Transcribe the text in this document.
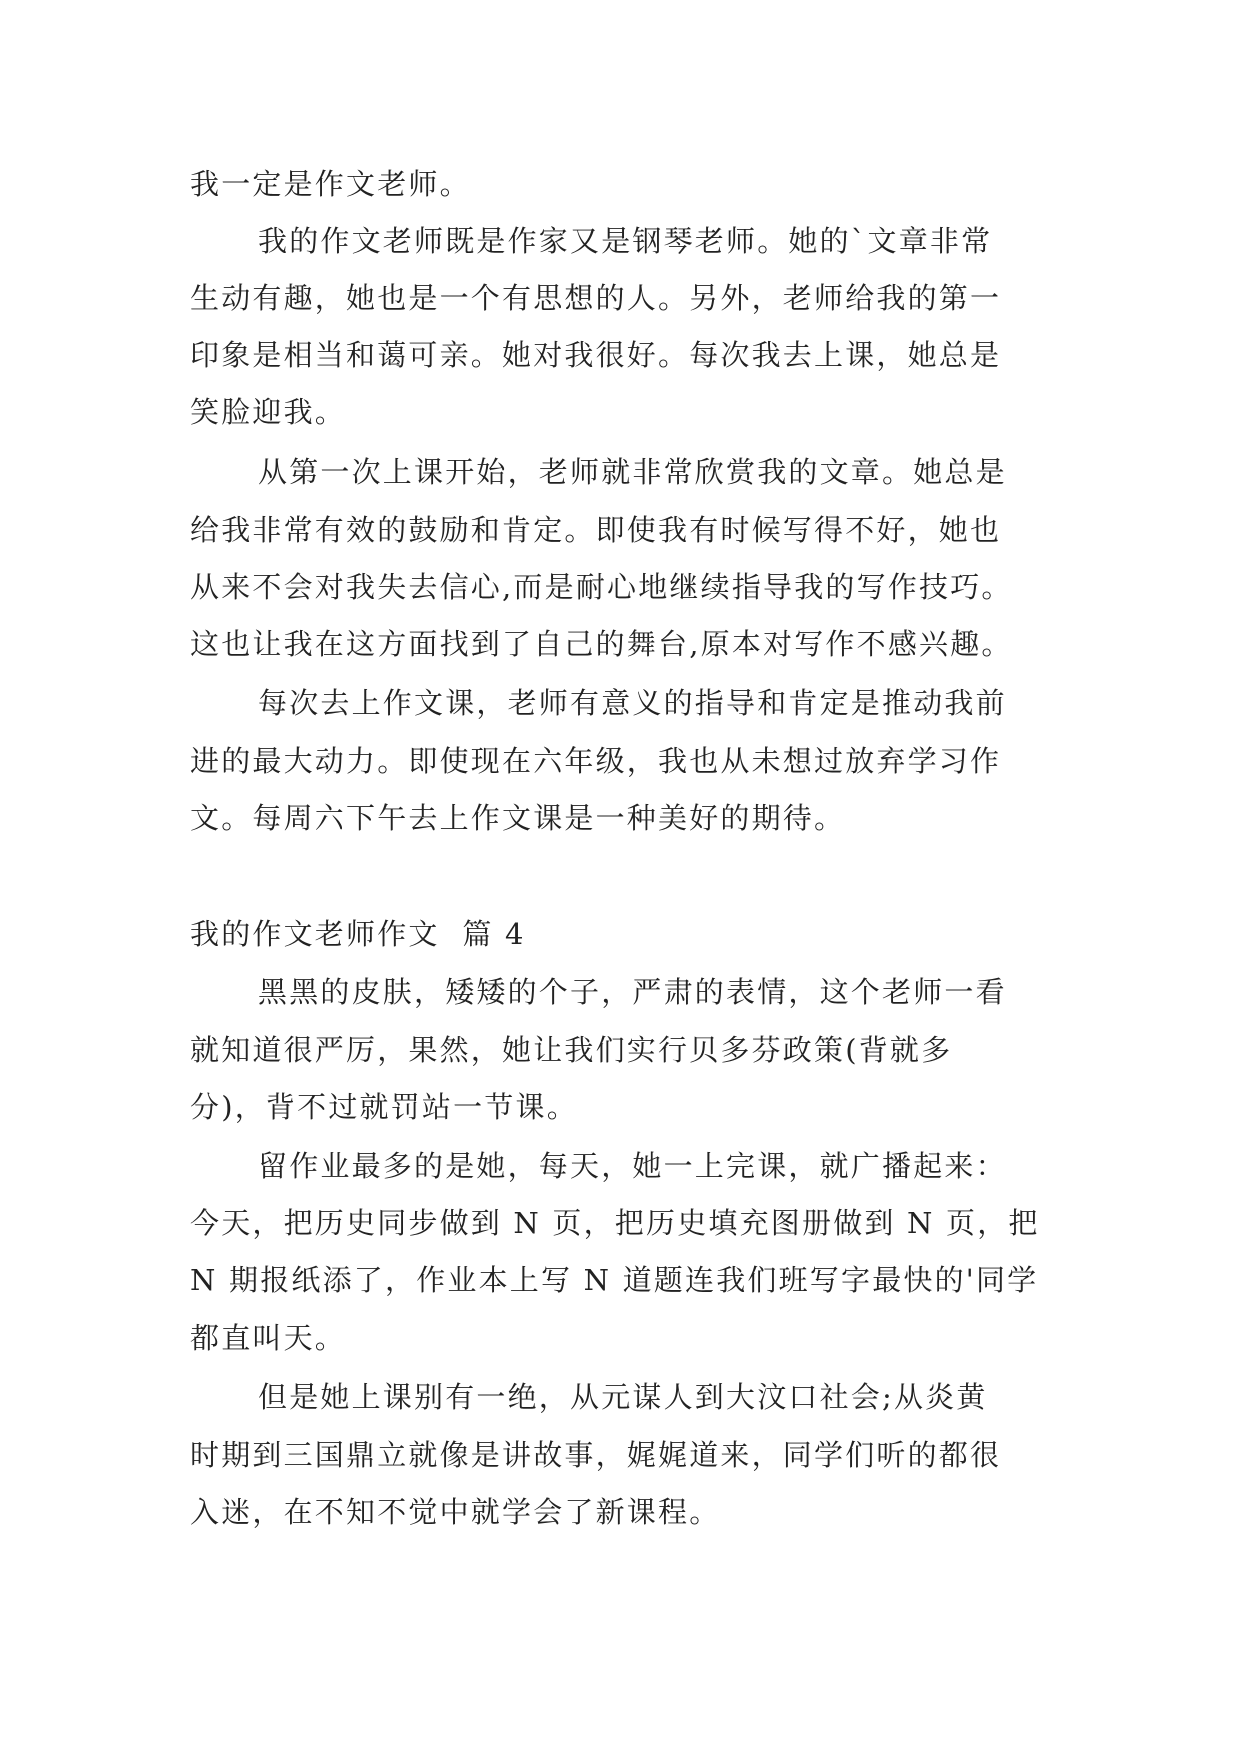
我一定是作文老师。
我的作文老师既是作家又是钢琴老师。她的`文章非常
生动有趣，她也是一个有思想的人。另外，老师给我的第一
印象是相当和蔼可亲。她对我很好。每次我去上课，她总是
笑脸迎我。
从第一次上课开始，老师就非常欣赏我的文章。她总是
给我非常有效的鼓励和肯定。即使我有时候写得不好，她也
从来不会对我失去信心,而是耐心地继续指导我的写作技巧。
这也让我在这方面找到了自己的舞台,原本对写作不感兴趣。
每次去上作文课，老师有意义的指导和肯定是推动我前
进的最大动力。即使现在六年级，我也从未想过放弃学习作
文。每周六下午去上作文课是一种美好的期待。
我的作文老师作文  篇 4
黑黑的皮肤，矮矮的个子，严肃的表情，这个老师一看
就知道很严厉，果然，她让我们实行贝多芬政策(背就多
分)，背不过就罚站一节课。
留作业最多的是她，每天，她一上完课，就广播起来：
今天，把历史同步做到 N 页，把历史填充图册做到 N 页，把
N 期报纸添了，作业本上写 N 道题连我们班写字最快的'同学
都直叫天。
但是她上课别有一绝，从元谋人到大汶口社会;从炎黄
时期到三国鼎立就像是讲故事，娓娓道来，同学们听的都很
入迷，在不知不觉中就学会了新课程。
